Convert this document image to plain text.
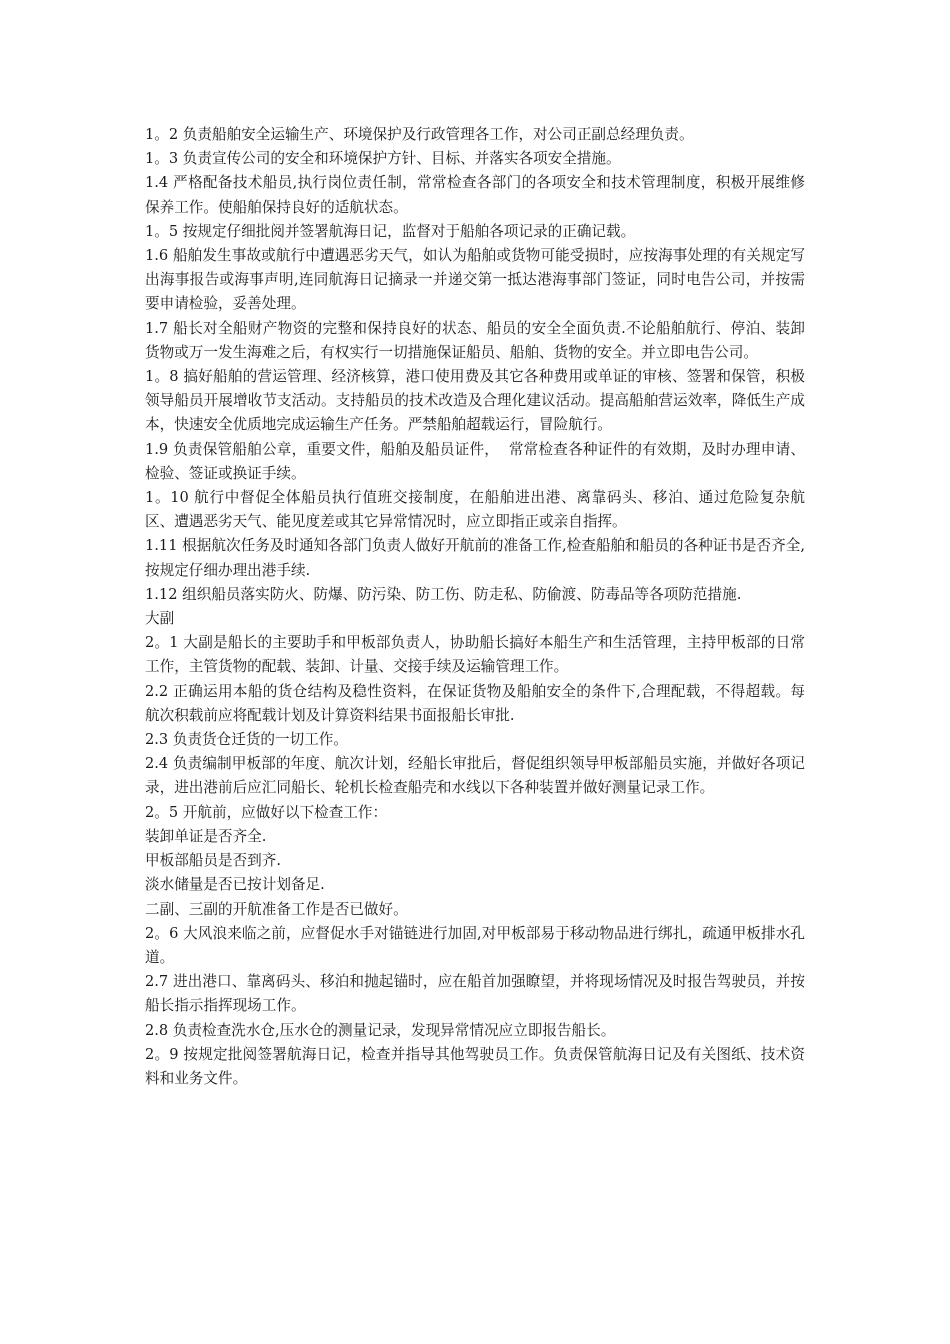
1。2 负责船舶安全运输生产、环境保护及行政管理各工作，对公司正副总经理负责。

1。3 负责宣传公司的安全和环境保护方针、目标、并落实各项安全措施。

1.4 严格配备技术船员,执行岗位责任制，常常检查各部门的各项安全和技术管理制度，积极开展维修保养工作。使船舶保持良好的适航状态。

1。5 按规定仔细批阅并签署航海日记，监督对于船舶各项记录的正确记载。

1.6 船舶发生事故或航行中遭遇恶劣天气，如认为船舶或货物可能受损时，应按海事处理的有关规定写出海事报告或海事声明,连同航海日记摘录一并递交第一抵达港海事部门签证，同时电告公司，并按需要申请检验，妥善处理。

1.7 船长对全船财产物资的完整和保持良好的状态、船员的安全全面负责.不论船舶航行、停泊、装卸货物或万一发生海难之后，有权实行一切措施保证船员、船舶、货物的安全。并立即电告公司。

1。8 搞好船舶的营运管理、经济核算，港口使用费及其它各种费用或单证的审核、签署和保管，积极领导船员开展增收节支活动。支持船员的技术改造及合理化建议活动。提高船舶营运效率，降低生产成本，快速安全优质地完成运输生产任务。严禁船舶超载运行，冒险航行。

1.9 负责保管船舶公章，重要文件，船舶及船员证件，  常常检查各种证件的有效期，及时办理申请、检验、签证或换证手续。

1。10 航行中督促全体船员执行值班交接制度，在船舶进出港、离靠码头、移泊、通过危险复杂航区、遭遇恶劣天气、能见度差或其它异常情况时，应立即指正或亲自指挥。

1.11 根据航次任务及时通知各部门负责人做好开航前的准备工作,检查船舶和船员的各种证书是否齐全,按规定仔细办理出港手续.

1.12 组织船员落实防火、防爆、防污染、防工伤、防走私、防偷渡、防毒品等各项防范措施.

大副

2。1 大副是船长的主要助手和甲板部负责人，协助船长搞好本船生产和生活管理，主持甲板部的日常工作，主管货物的配载、装卸、计量、交接手续及运输管理工作。

2.2 正确运用本船的货仓结构及稳性资料，在保证货物及船舶安全的条件下,合理配载，不得超载。每航次积载前应将配载计划及计算资料结果书面报船长审批.

2.3 负责货仓迁货的一切工作。

2.4 负责编制甲板部的年度、航次计划，经船长审批后，督促组织领导甲板部船员实施，并做好各项记录，进出港前后应汇同船长、轮机长检查船壳和水线以下各种装置并做好测量记录工作。

2。5 开航前，应做好以下检查工作：

装卸单证是否齐全.

甲板部船员是否到齐.

淡水储量是否已按计划备足.

二副、三副的开航准备工作是否已做好。

2。6 大风浪来临之前，应督促水手对锚链进行加固,对甲板部易于移动物品进行绑扎，疏通甲板排水孔道。

2.7 进出港口、靠离码头、移泊和抛起锚时，应在船首加强瞭望，并将现场情况及时报告驾驶员，并按船长指示指挥现场工作。

2.8 负责检查洗水仓,压水仓的测量记录，发现异常情况应立即报告船长。

2。9 按规定批阅签署航海日记，检查并指导其他驾驶员工作。负责保管航海日记及有关图纸、技术资料和业务文件。
